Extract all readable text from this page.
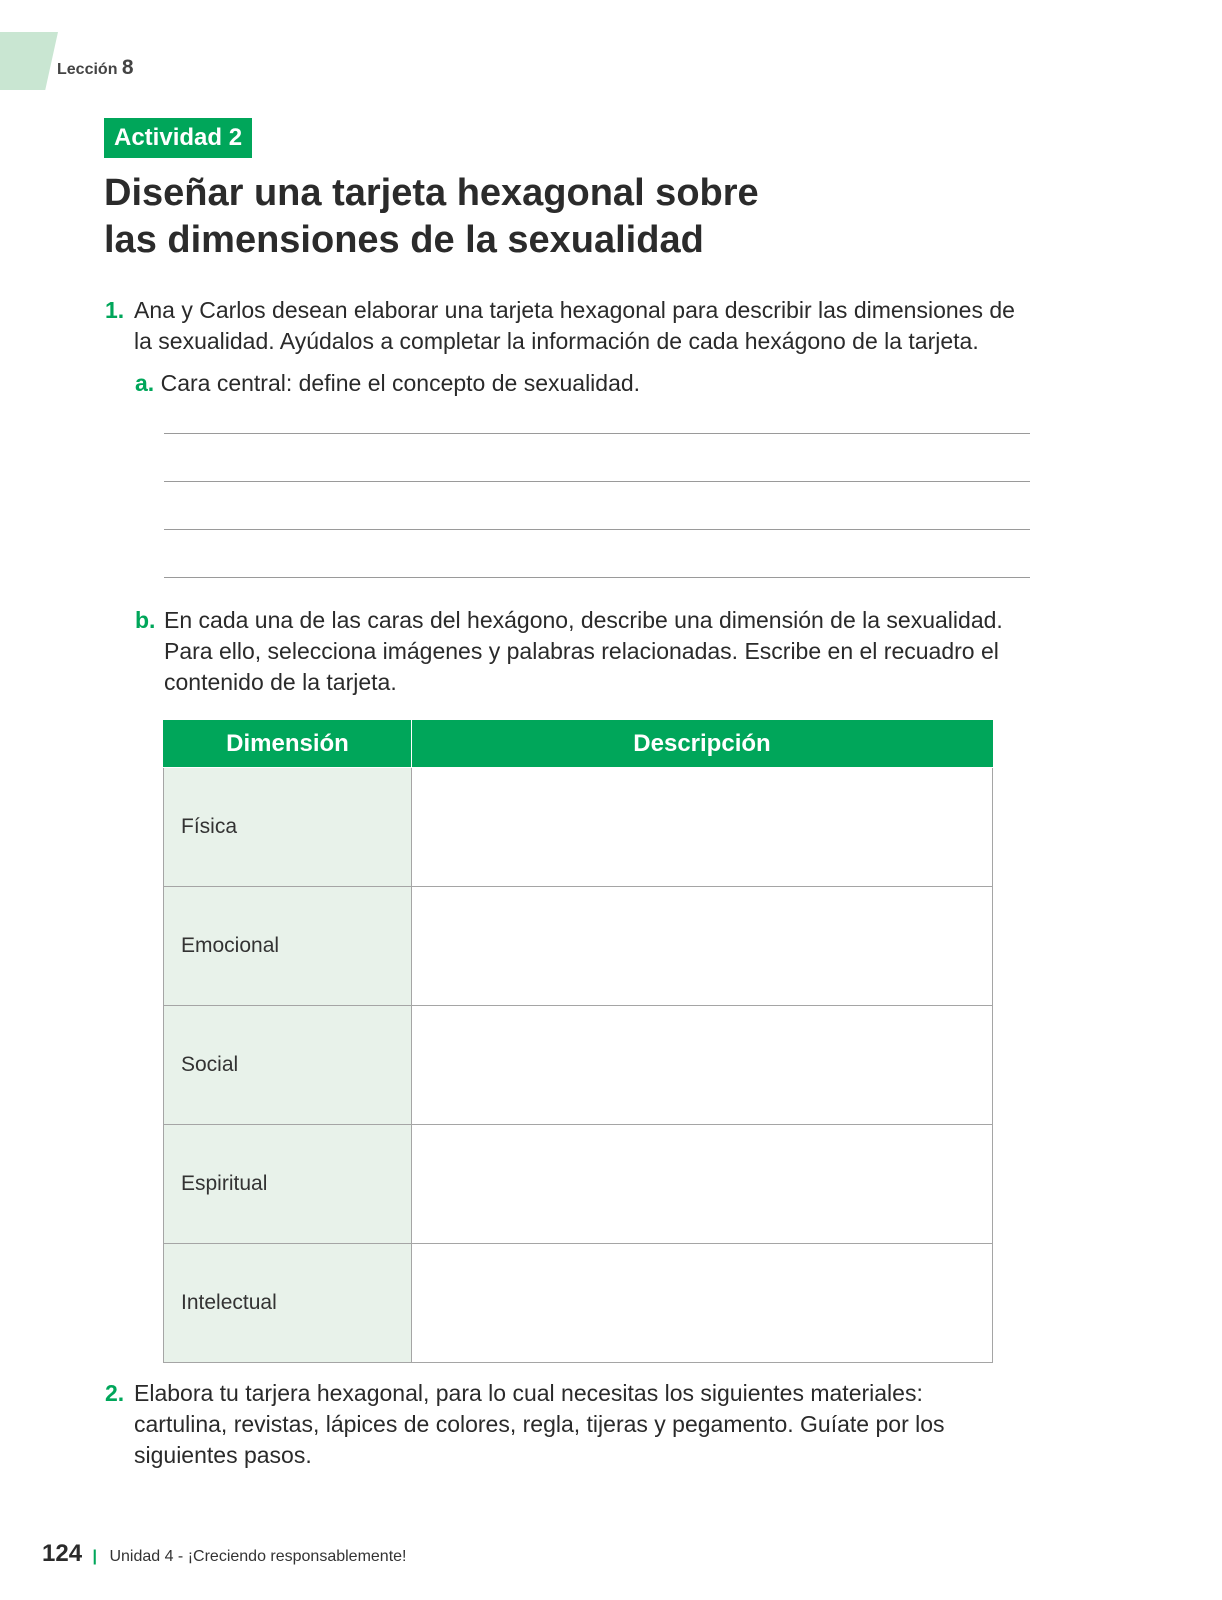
Lección 8
Actividad 2
Diseñar una tarjeta hexagonal sobre
las dimensiones de la sexualidad
1. Ana y Carlos desean elaborar una tarjeta hexagonal para describir las dimensiones de la sexualidad. Ayúdalos a completar la información de cada hexágono de la tarjeta.
a. Cara central: define el concepto de sexualidad.
b. En cada una de las caras del hexágono, describe una dimensión de la sexualidad. Para ello, selecciona imágenes y palabras relacionadas. Escribe en el recuadro el contenido de la tarjeta.
Dimensión	Descripción
Física	
Emocional	
Social	
Espiritual	
Intelectual	
2. Elabora tu tarjera hexagonal, para lo cual necesitas los siguientes materiales: cartulina, revistas, lápices de colores, regla, tijeras y pegamento. Guíate por los siguientes pasos.
124 | Unidad 4 - ¡Creciendo responsablemente!
